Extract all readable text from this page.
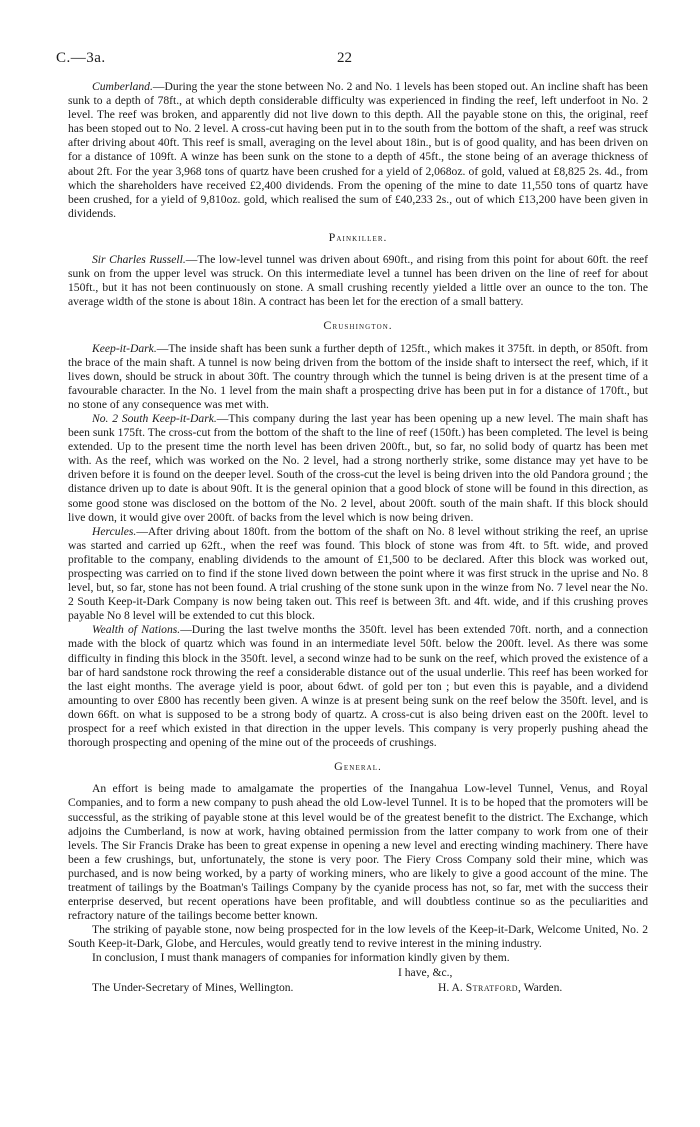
C.—3a.	22

Cumberland.—During the year the stone between No. 2 and No. 1 levels has been stoped out. An incline shaft has been sunk to a depth of 78ft., at which depth considerable difficulty was experienced in finding the reef, left underfoot in No. 2 level. The reef was broken, and apparently did not live down to this depth. All the payable stone on this, the original, reef has been stoped out to No. 2 level. A cross-cut having been put in to the south from the bottom of the shaft, a reef was struck after driving about 40ft. This reef is small, averaging on the level about 18in., but is of good quality, and has been driven on for a distance of 109ft. A winze has been sunk on the stone to a depth of 45ft., the stone being of an average thickness of about 2ft. For the year 3,968 tons of quartz have been crushed for a yield of 2,068oz. of gold, valued at £8,825 2s. 4d., from which the shareholders have received £2,400 dividends. From the opening of the mine to date 11,550 tons of quartz have been crushed, for a yield of 9,810oz. gold, which realised the sum of £40,233 2s., out of which £13,200 have been given in dividends.

Painkiller.

Sir Charles Russell.—The low-level tunnel was driven about 690ft., and rising from this point for about 60ft. the reef sunk on from the upper level was struck. On this intermediate level a tunnel has been driven on the line of reef for about 150ft., but it has not been continuously on stone. A small crushing recently yielded a little over an ounce to the ton. The average width of the stone is about 18in. A contract has been let for the erection of a small battery.

Crushington.

Keep-it-Dark.—The inside shaft has been sunk a further depth of 125ft., which makes it 375ft. in depth, or 850ft. from the brace of the main shaft. A tunnel is now being driven from the bottom of the inside shaft to intersect the reef, which, if it lives down, should be struck in about 30ft. The country through which the tunnel is being driven is at the present time of a favourable character. In the No. 1 level from the main shaft a prospecting drive has been put in for a distance of 170ft., but no stone of any consequence was met with.

No. 2 South Keep-it-Dark.—This company during the last year has been opening up a new level. The main shaft has been sunk 175ft. The cross-cut from the bottom of the shaft to the line of reef (150ft.) has been completed. The level is being extended. Up to the present time the north level has been driven 200ft., but, so far, no solid body of quartz has been met with. As the reef, which was worked on the No. 2 level, had a strong northerly strike, some distance may yet have to be driven before it is found on the deeper level. South of the cross-cut the level is being driven into the old Pandora ground ; the distance driven up to date is about 90ft. It is the general opinion that a good block of stone will be found in this direction, as some good stone was disclosed on the bottom of the No. 2 level, about 200ft. south of the main shaft. If this block should live down, it would give over 200ft. of backs from the level which is now being driven.

Hercules.—After driving about 180ft. from the bottom of the shaft on No. 8 level without striking the reef, an uprise was started and carried up 62ft., when the reef was found. This block of stone was from 4ft. to 5ft. wide, and proved profitable to the company, enabling dividends to the amount of £1,500 to be declared. After this block was worked out, prospecting was carried on to find if the stone lived down between the point where it was first struck in the uprise and No. 8 level, but, so far, stone has not been found. A trial crushing of the stone sunk upon in the winze from No. 7 level near the No. 2 South Keep-it-Dark Company is now being taken out. This reef is between 3ft. and 4ft. wide, and if this crushing proves payable No 8 level will be extended to cut this block.

Wealth of Nations.—During the last twelve months the 350ft. level has been extended 70ft. north, and a connection made with the block of quartz which was found in an intermediate level 50ft. below the 200ft. level. As there was some difficulty in finding this block in the 350ft. level, a second winze had to be sunk on the reef, which proved the existence of a bar of hard sandstone rock throwing the reef a considerable distance out of the usual underlie. This reef has been worked for the last eight months. The average yield is poor, about 6dwt. of gold per ton ; but even this is payable, and a dividend amounting to over £800 has recently been given. A winze is at present being sunk on the reef below the 350ft. level, and is down 66ft. on what is supposed to be a strong body of quartz. A cross-cut is also being driven east on the 200ft. level to prospect for a reef which existed in that direction in the upper levels. This company is very properly pushing ahead the thorough prospecting and opening of the mine out of the proceeds of crushings.

General.

An effort is being made to amalgamate the properties of the Inangahua Low-level Tunnel, Venus, and Royal Companies, and to form a new company to push ahead the old Low-level Tunnel. It is to be hoped that the promoters will be successful, as the striking of payable stone at this level would be of the greatest benefit to the district. The Exchange, which adjoins the Cumberland, is now at work, having obtained permission from the latter company to work from one of their levels. The Sir Francis Drake has been to great expense in opening a new level and erecting winding machinery. There have been a few crushings, but, unfortunately, the stone is very poor. The Fiery Cross Company sold their mine, which was purchased, and is now being worked, by a party of working miners, who are likely to give a good account of the mine. The treatment of tailings by the Boatman's Tailings Company by the cyanide process has not, so far, met with the success their enterprise deserved, but recent operations have been profitable, and will doubtless continue so as the peculiarities and refractory nature of the tailings become better known.

The striking of payable stone, now being prospected for in the low levels of the Keep-it-Dark, Welcome United, No. 2 South Keep-it-Dark, Globe, and Hercules, would greatly tend to revive interest in the mining industry.

In conclusion, I must thank managers of companies for information kindly given by them.

I have, &c.,
The Under-Secretary of Mines, Wellington.	H. A. Stratford, Warden.
